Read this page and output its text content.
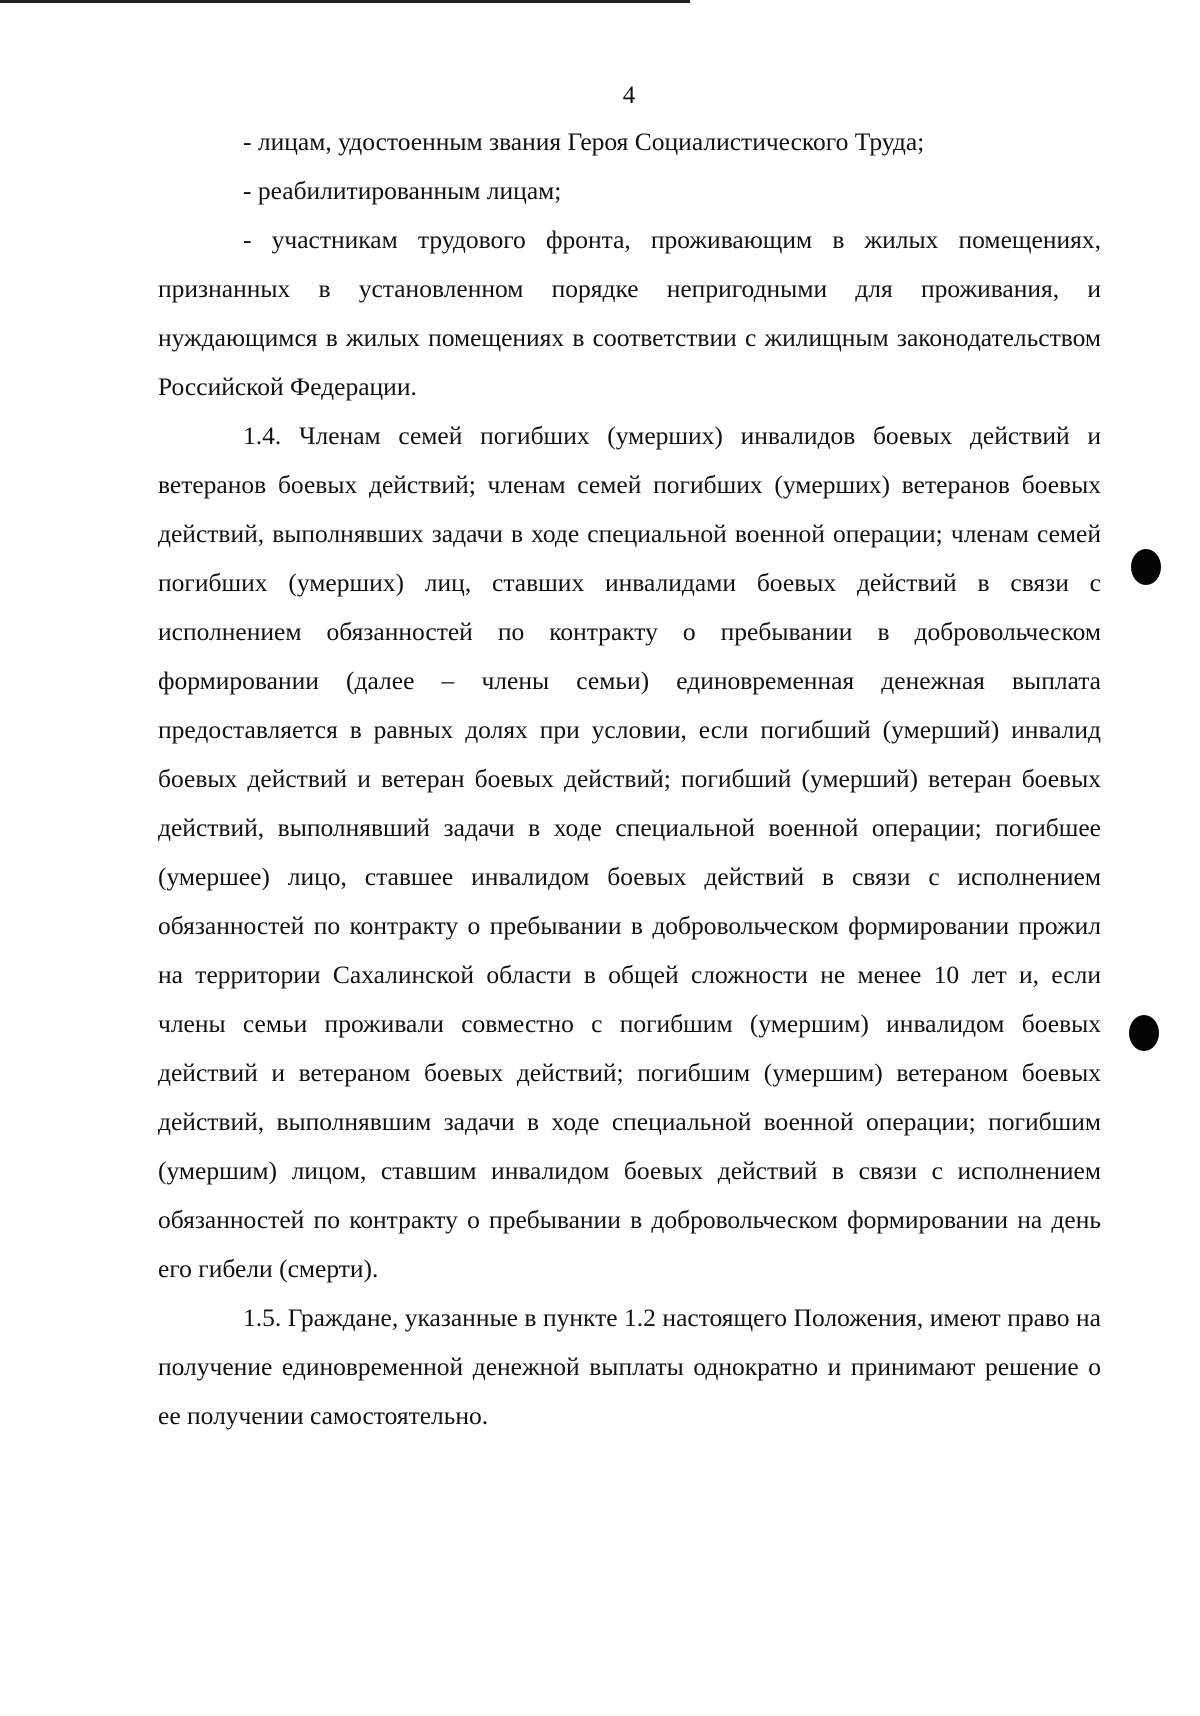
4

- лицам, удостоенным звания Героя Социалистического Труда;

- реабилитированным лицам;

- участникам трудового фронта, проживающим в жилых помещениях, признанных в установленном порядке непригодными для проживания, и нуждающимся в жилых помещениях в соответствии с жилищным законодательством Российской Федерации.

1.4. Членам семей погибших (умерших) инвалидов боевых действий и ветеранов боевых действий; членам семей погибших (умерших) ветеранов боевых действий, выполнявших задачи в ходе специальной военной операции; членам семей погибших (умерших) лиц, ставших инвалидами боевых действий в связи с исполнением обязанностей по контракту о пребывании в добровольческом формировании (далее – члены семьи) единовременная денежная выплата предоставляется в равных долях при условии, если погибший (умерший) инвалид боевых действий и ветеран боевых действий; погибший (умерший) ветеран боевых действий, выполнявший задачи в ходе специальной военной операции; погибшее (умершее) лицо, ставшее инвалидом боевых действий в связи с исполнением обязанностей по контракту о пребывании в добровольческом формировании прожил на территории Сахалинской области в общей сложности не менее 10 лет и, если члены семьи проживали совместно с погибшим (умершим) инвалидом боевых действий и ветераном боевых действий; погибшим (умершим) ветераном боевых действий, выполнявшим задачи в ходе специальной военной операции; погибшим (умершим) лицом, ставшим инвалидом боевых действий в связи с исполнением обязанностей по контракту о пребывании в добровольческом формировании на день его гибели (смерти).

1.5. Граждане, указанные в пункте 1.2 настоящего Положения, имеют право на получение единовременной денежной выплаты однократно и принимают решение о ее получении самостоятельно.
